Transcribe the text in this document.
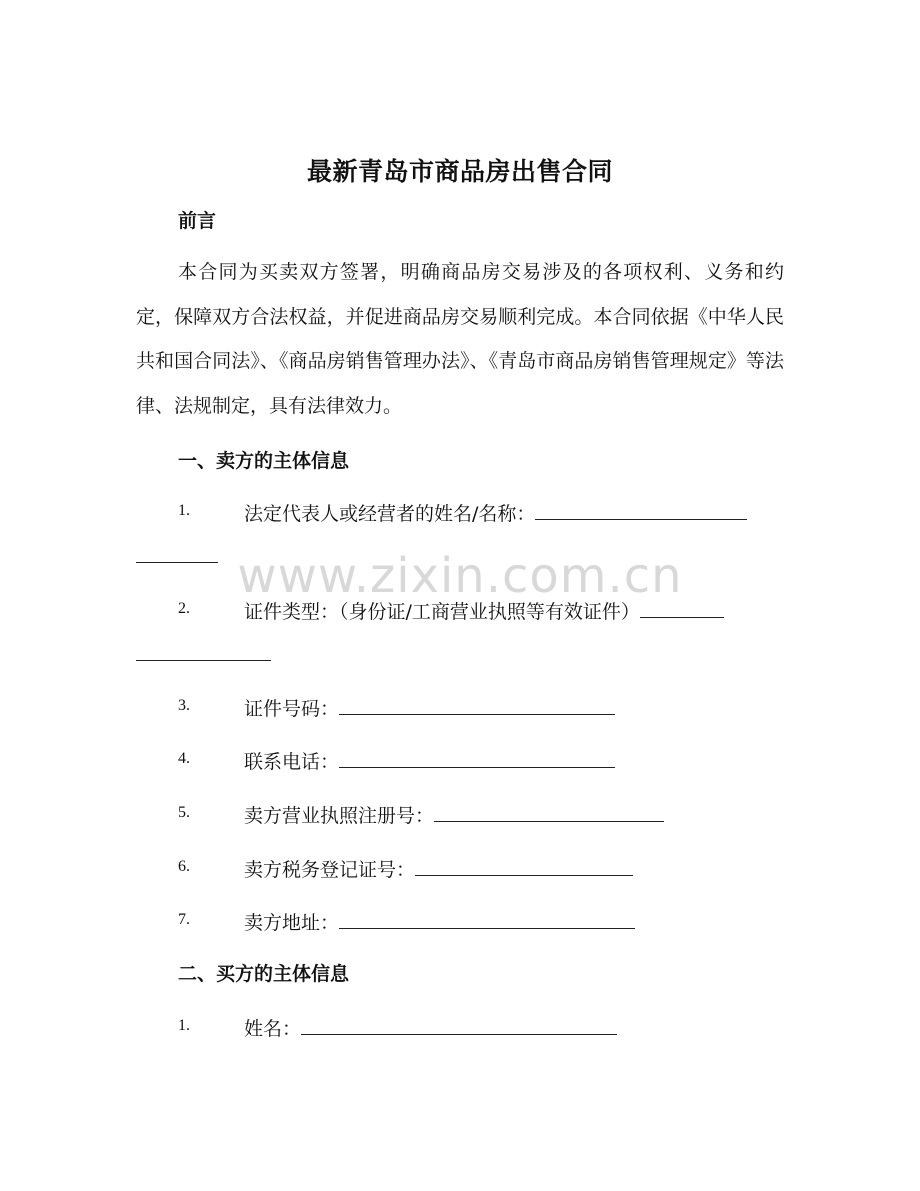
最新青岛市商品房出售合同
前言
本合同为买卖双方签署，明确商品房交易涉及的各项权利、义务和约定，保障双方合法权益，并促进商品房交易顺利完成。本合同依据《中华人民共和国合同法》、《商品房销售管理办法》、《青岛市商品房销售管理规定》等法律、法规制定，具有法律效力。
一、卖方的主体信息
1.	法定代表人或经营者的姓名/名称：
2.	证件类型：（身份证/工商营业执照等有效证件）
3.	证件号码：
4.	联系电话：
5.	卖方营业执照注册号：
6.	卖方税务登记证号：
7.	卖方地址：
二、买方的主体信息
1.	姓名：
www.zixin.com.cn
